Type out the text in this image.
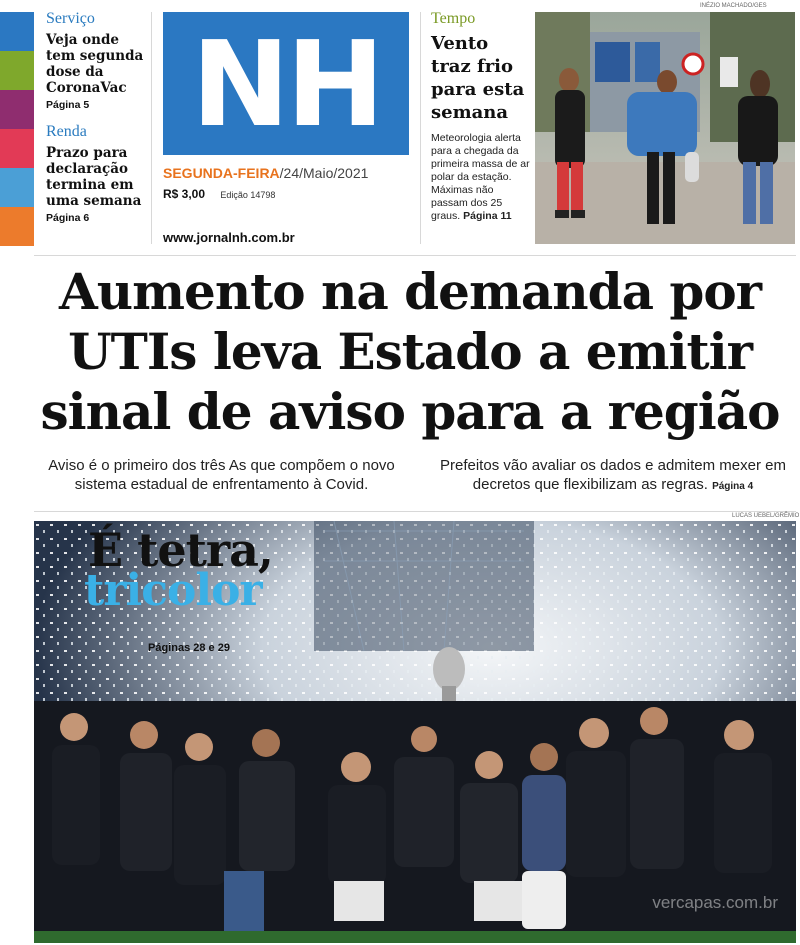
Serviço
Veja onde tem segunda dose da CoronaVac
Página 5
Renda
Prazo para declaração termina em uma semana
Página 6
NH
SEGUNDA-FEIRA/24/Maio/2021
R$ 3,00 Edição 14798
www.jornalnh.com.br
Tempo
Vento traz frio para esta semana
Meteorologia alerta para a chegada da primeira massa de ar polar da estação. Máximas não passam dos 25 graus. Página 11
INÉZIO MACHADO/GES
Aumento na demanda por
UTIs leva Estado a emitir
sinal de aviso para a região
Aviso é o primeiro dos três As que compõem o novo sistema estadual de enfrentamento à Covid.
Prefeitos vão avaliar os dados e admitem mexer em decretos que flexibilizam as regras. Página 4
LUCAS UEBEL/GRÊMIO
É tetra,
tricolor
Páginas 28 e 29
vercapas.com.br
